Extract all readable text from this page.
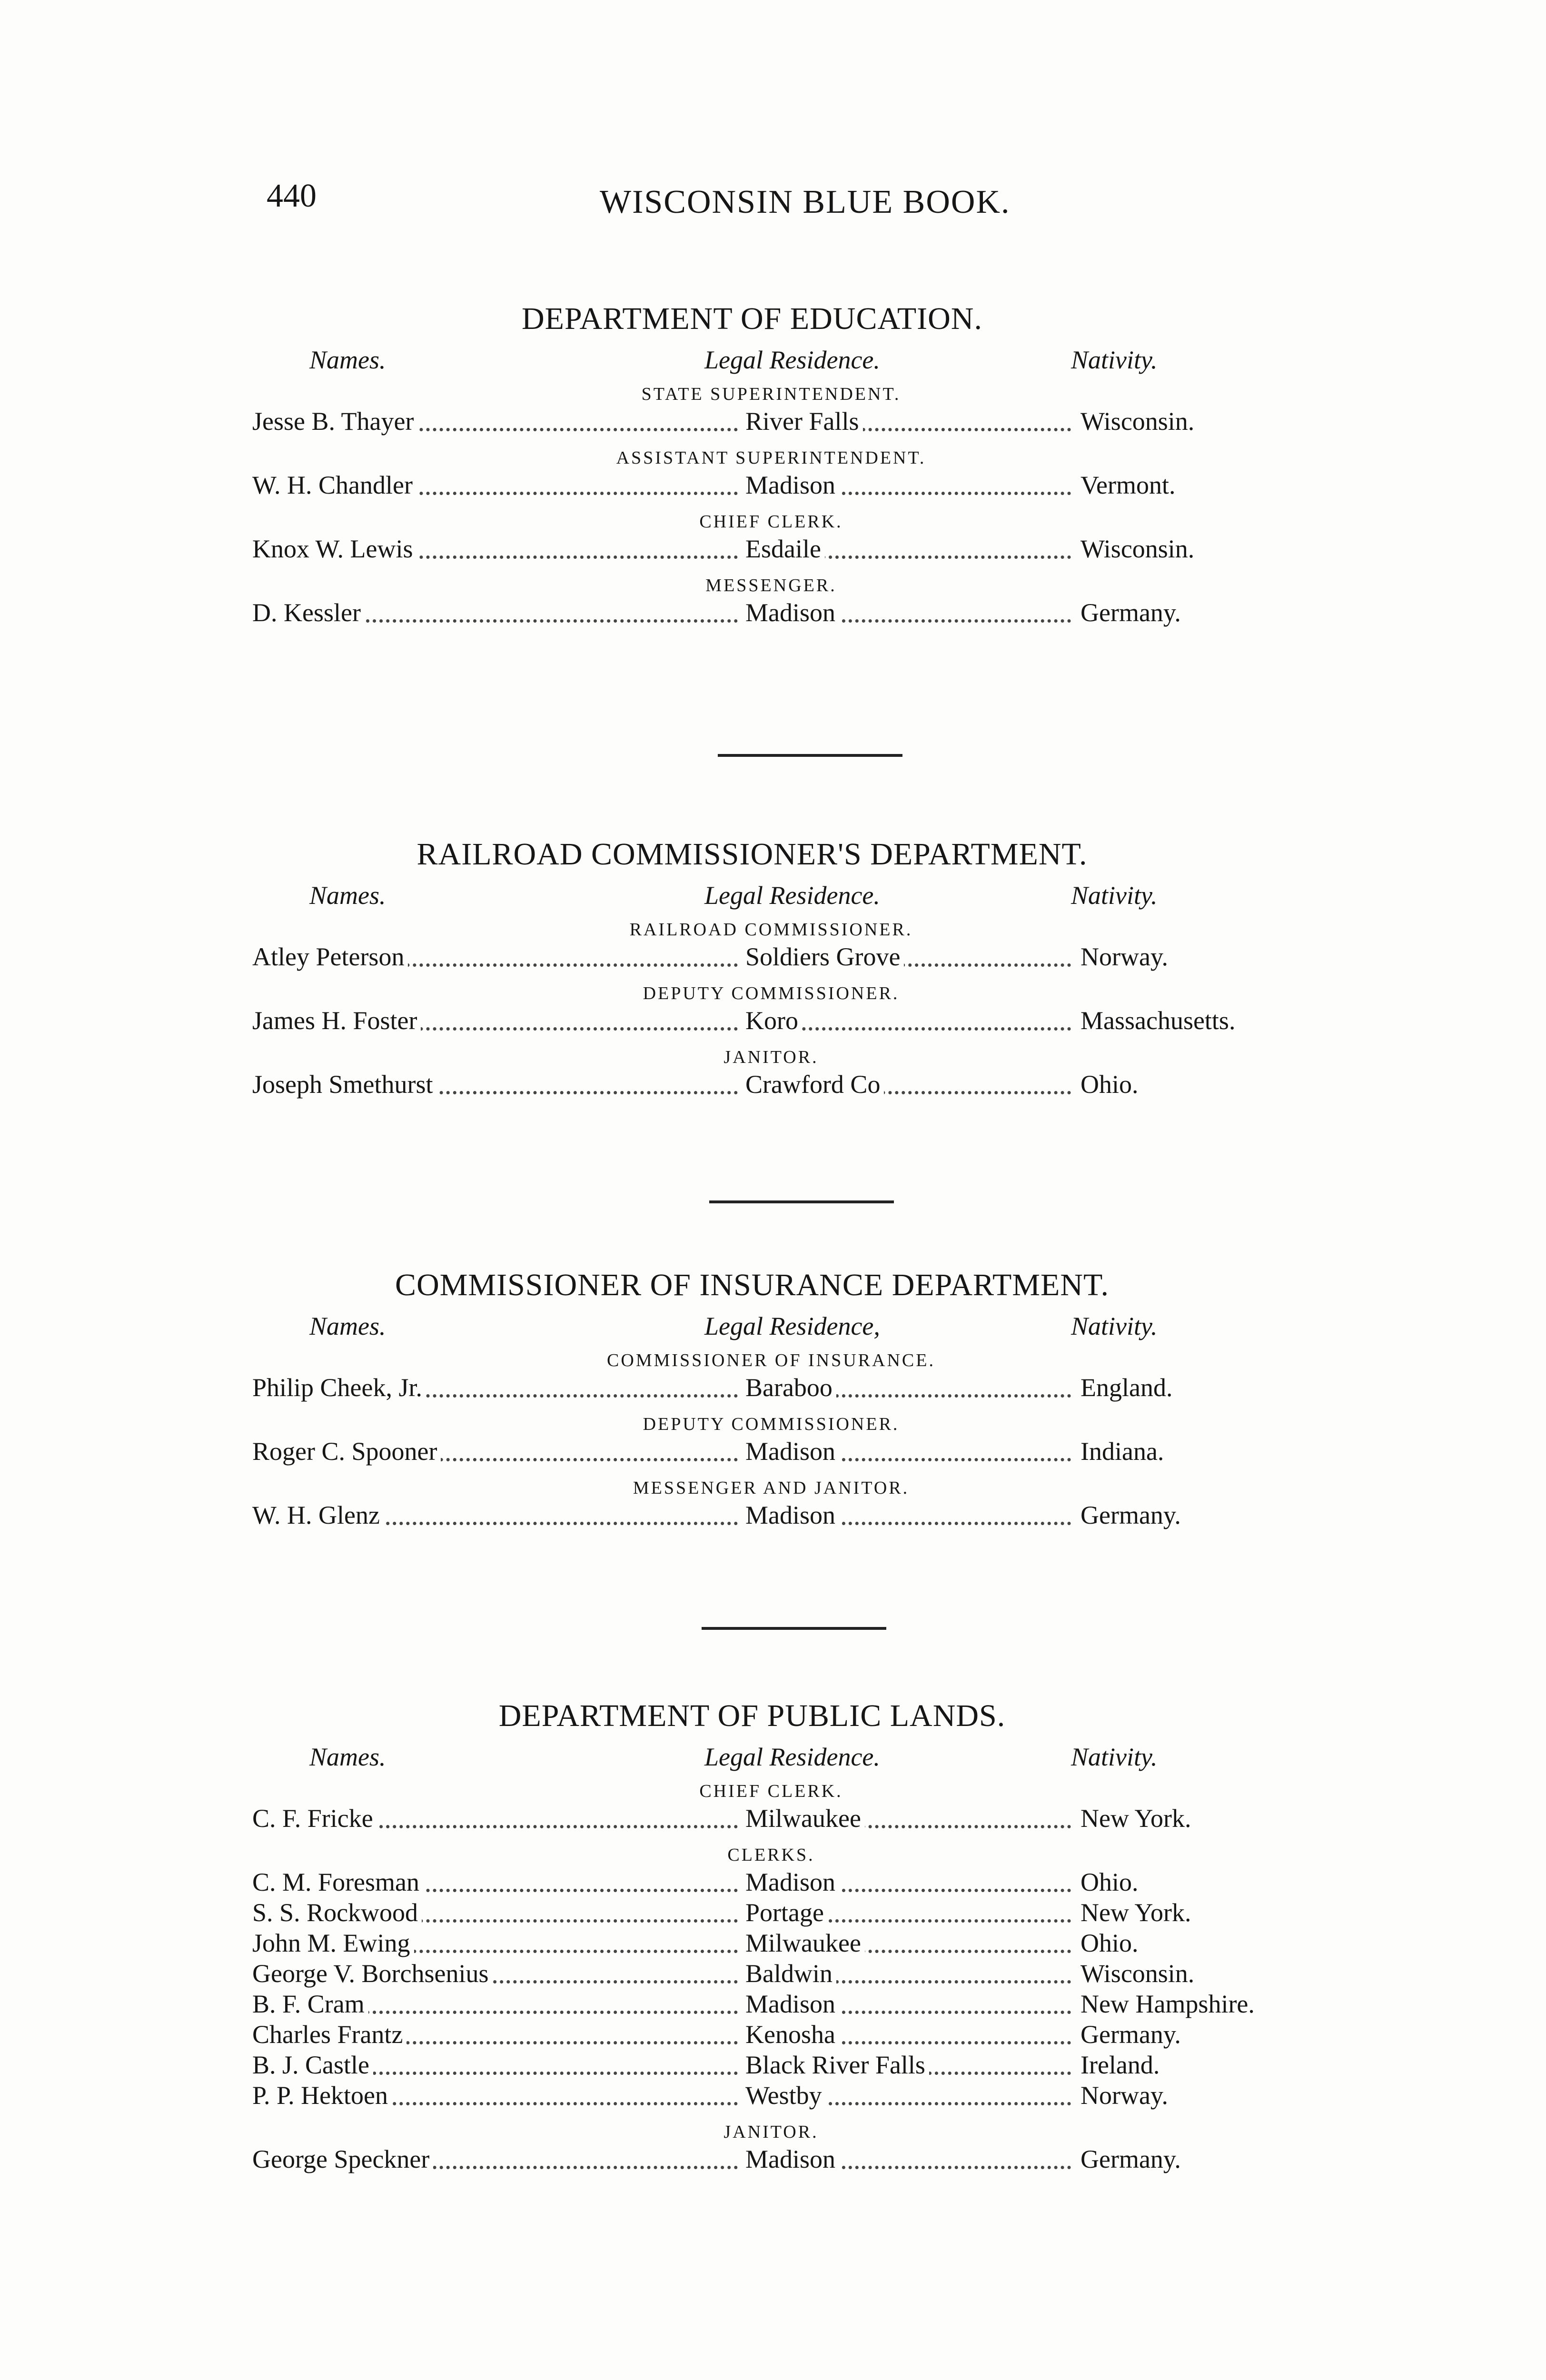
440	WISCONSIN BLUE BOOK.
DEPARTMENT OF EDUCATION.
Names.	Legal Residence.	Nativity.
STATE SUPERINTENDENT.
Jesse B. Thayer	River Falls	Wisconsin.
ASSISTANT SUPERINTENDENT.
W. H. Chandler	Madison	Vermont.
CHIEF CLERK.
Knox W. Lewis	Esdaile	Wisconsin.
MESSENGER.
D. Kessler	Madison	Germany.
RAILROAD COMMISSIONER'S DEPARTMENT.
Names.	Legal Residence.	Nativity.
RAILROAD COMMISSIONER.
Atley Peterson	Soldiers Grove	Norway.
DEPUTY COMMISSIONER.
James H. Foster	Koro	Massachusetts.
JANITOR.
Joseph Smethurst	Crawford Co	Ohio.
COMMISSIONER OF INSURANCE DEPARTMENT.
Names.	Legal Residence,	Nativity.
COMMISSIONER OF INSURANCE.
Philip Cheek, Jr.	Baraboo	England.
DEPUTY COMMISSIONER.
Roger C. Spooner	Madison	Indiana.
MESSENGER AND JANITOR.
W. H. Glenz	Madison	Germany.
DEPARTMENT OF PUBLIC LANDS.
Names.	Legal Residence.	Nativity.
CHIEF CLERK.
C. F. Fricke	Milwaukee	New York.
CLERKS.
C. M. Foresman	Madison	Ohio.
S. S. Rockwood	Portage	New York.
John M. Ewing	Milwaukee	Ohio.
George V. Borchsenius	Baldwin	Wisconsin.
B. F. Cram	Madison	New Hampshire.
Charles Frantz	Kenosha	Germany.
B. J. Castle	Black River Falls	Ireland.
P. P. Hektoen	Westby	Norway.
JANITOR.
George Speckner	Madison	Germany.
